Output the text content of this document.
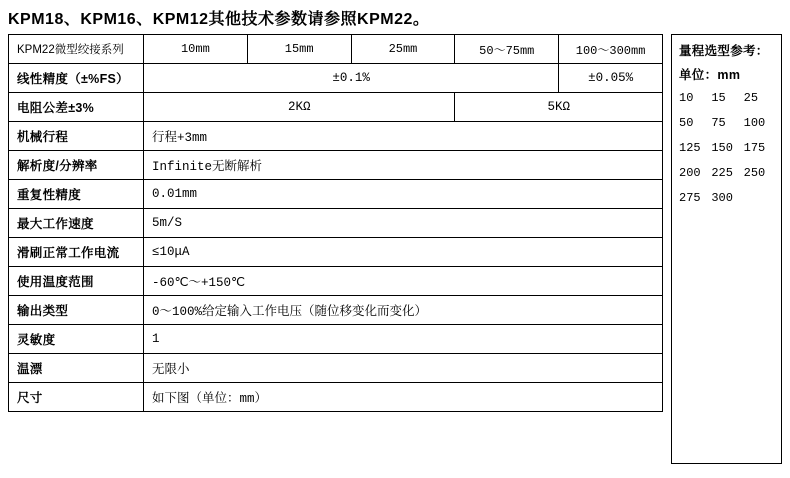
KPM18、KPM16、KPM12其他技术参数请参照KPM22。
KPM22微型绞接系列	10mm	15mm	25mm	50～75mm	100～300mm
线性精度（±%FS）	±0.1%				±0.05%
电阻公差±3%	2KΩ			5KΩ	
机械行程	行程+3mm				
解析度/分辨率	Infinite无断解析				
重复性精度	0.01mm				
最大工作速度	5m/S				
滑刷正常工作电流	≤10μA				
使用温度范围	-60℃～+150℃				
输出类型	0～100%给定输入工作电压（随位移变化而变化）				
灵敏度	1				
温漂	无限小				
尺寸	如下图（单位：mm）				
量程选型参考：
单位：mm
10	15	25
50	75	100
125 150 175
200 225 250
275 300
